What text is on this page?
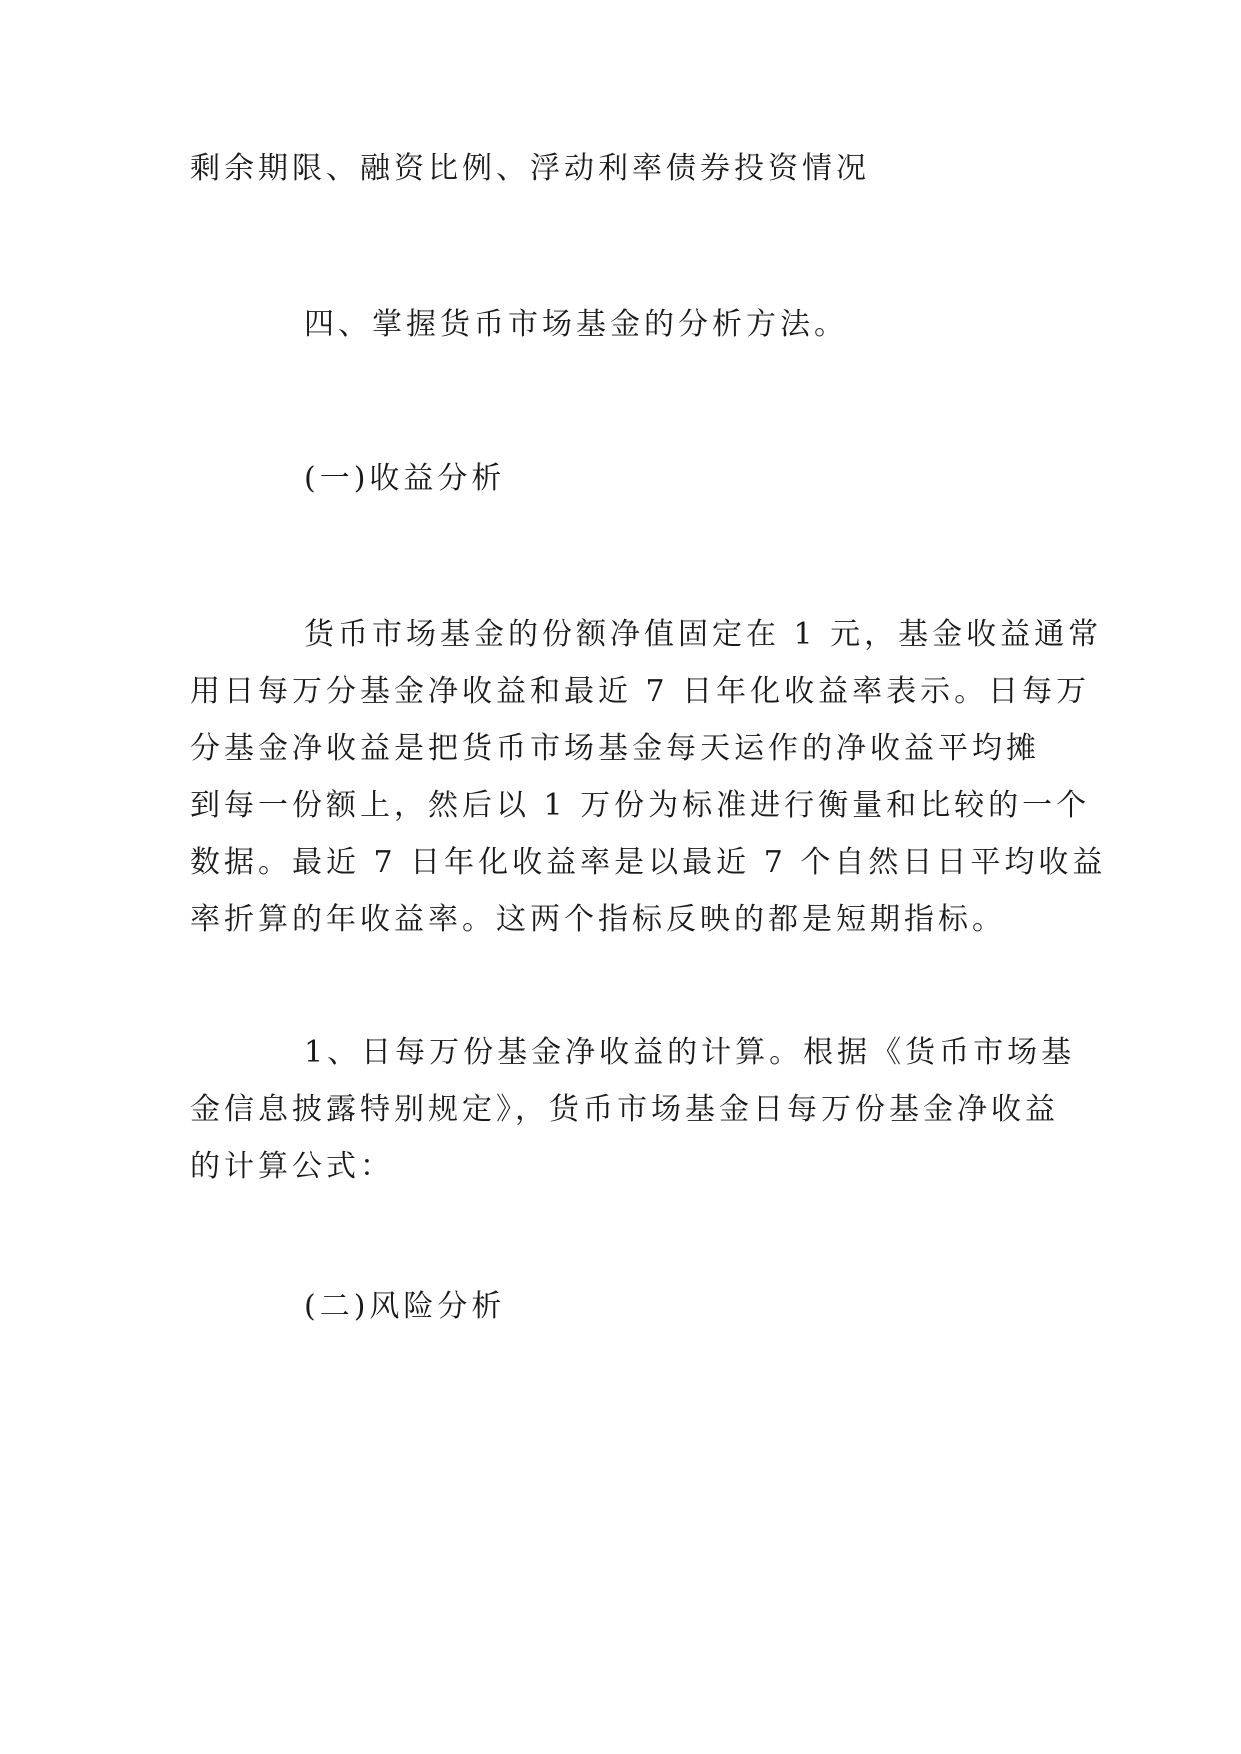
剩余期限、融资比例、浮动利率债券投资情况

四、掌握货币市场基金的分析方法。

(一)收益分析

货币市场基金的份额净值固定在 1 元，基金收益通常
用日每万分基金净收益和最近 7 日年化收益率表示。日每万
分基金净收益是把货币市场基金每天运作的净收益平均摊
到每一份额上，然后以 1 万份为标准进行衡量和比较的一个
数据。最近 7 日年化收益率是以最近 7 个自然日日平均收益
率折算的年收益率。这两个指标反映的都是短期指标。
1、日每万份基金净收益的计算。根据《货币市场基
金信息披露特别规定》，货币市场基金日每万份基金净收益
的计算公式：

(二)风险分析
